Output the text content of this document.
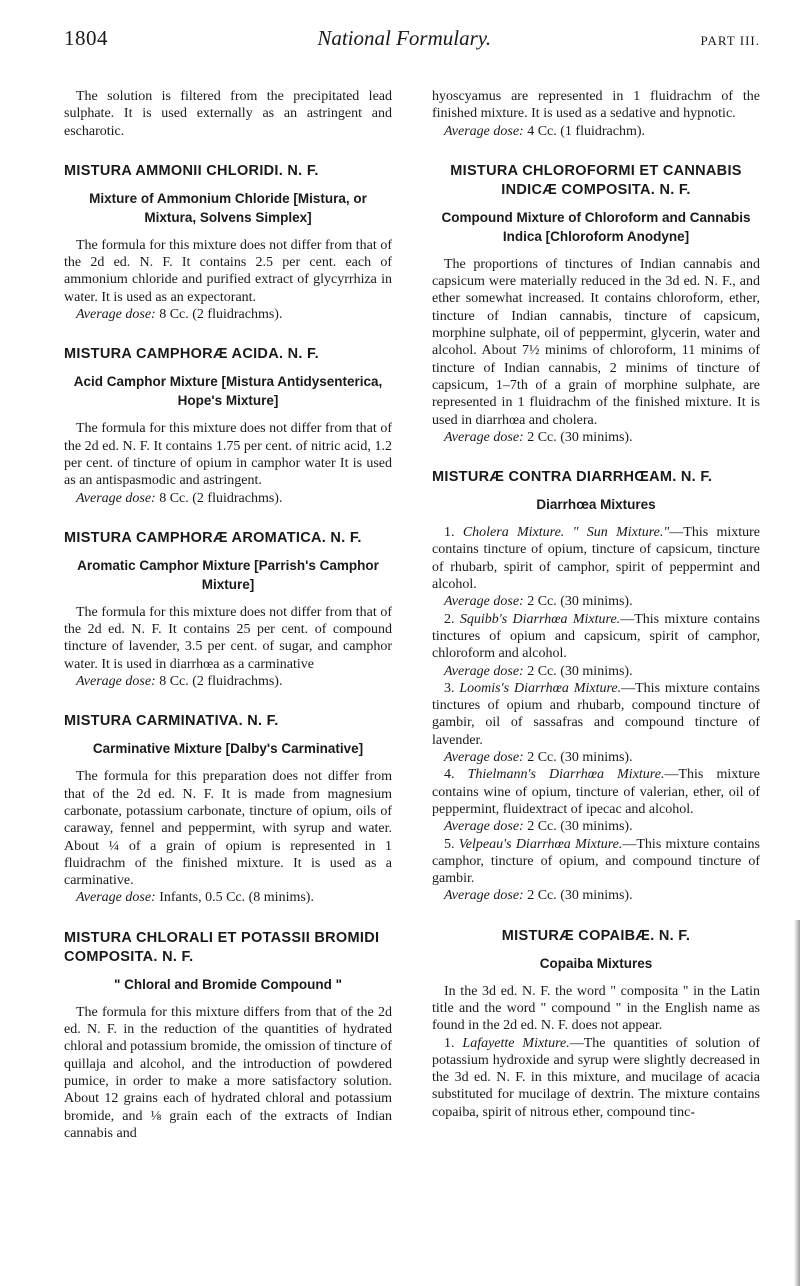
1804	National Formulary.	PART III.

The solution is filtered from the precipitated lead sulphate. It is used externally as an astringent and escharotic.

MISTURA AMMONII CHLORIDI. N. F.
Mixture of Ammonium Chloride [Mistura, or Mixtura, Solvens Simplex]

The formula for this mixture does not differ from that of the 2d ed. N. F. It contains 2.5 per cent. each of ammonium chloride and purified extract of glycyrrhiza in water. It is used as an expectorant.

Average dose: 8 Cc. (2 fluidrachms).
MISTURA CAMPHORÆ ACIDA. N. F.
Acid Camphor Mixture [Mistura Antidysenterica, Hope's Mixture]

The formula for this mixture does not differ from that of the 2d ed. N. F. It contains 1.75 per cent. of nitric acid, 1.2 per cent. of tincture of opium in camphor water It is used as an antispasmodic and astringent.

Average dose: 8 Cc. (2 fluidrachms).
MISTURA CAMPHORÆ AROMATICA. N. F.
Aromatic Camphor Mixture [Parrish's Camphor Mixture]

The formula for this mixture does not differ from that of the 2d ed. N. F. It contains 25 per cent. of compound tincture of lavender, 3.5 per cent. of sugar, and camphor water. It is used in diarrhœa as a carminative

Average dose: 8 Cc. (2 fluidrachms).
MISTURA CARMINATIVA. N. F.
Carminative Mixture [Dalby's Carminative]

The formula for this preparation does not differ from that of the 2d ed. N. F. It is made from magnesium carbonate, potassium carbonate, tincture of opium, oils of caraway, fennel and peppermint, with syrup and water. About ¼ of a grain of opium is represented in 1 fluidrachm of the finished mixture. It is used as a carminative.

Average dose: Infants, 0.5 Cc. (8 minims).
MISTURA CHLORALI ET POTASSII BROMIDI COMPOSITA. N. F.
" Chloral and Bromide Compound "

The formula for this mixture differs from that of the 2d ed. N. F. in the reduction of the quantities of hydrated chloral and potassium bromide, the omission of tincture of quillaja and alcohol, and the introduction of powdered pumice, in order to make a more satisfactory solution. About 12 grains each of hydrated chloral and potassium bromide, and ⅛ grain each of the extracts of Indian cannabis and

hyoscyamus are represented in 1 fluidrachm of the finished mixture. It is used as a sedative and hypnotic.

Average dose: 4 Cc. (1 fluidrachm).
MISTURA CHLOROFORMI ET CANNABIS INDICÆ COMPOSITA. N. F.
Compound Mixture of Chloroform and Cannabis Indica [Chloroform Anodyne]

The proportions of tinctures of Indian cannabis and capsicum were materially reduced in the 3d ed. N. F., and ether somewhat increased. It contains chloroform, ether, tincture of Indian cannabis, tincture of capsicum, morphine sulphate, oil of peppermint, glycerin, water and alcohol. About 7½ minims of chloroform, 11 minims of tincture of Indian cannabis, 2 minims of tincture of capsicum, 1–7th of a grain of morphine sulphate, are represented in 1 fluidrachm of the finished mixture. It is used in diarrhœa and cholera.

Average dose: 2 Cc. (30 minims).
MISTURÆ CONTRA DIARRHŒAM. N. F.
Diarrhœa Mixtures
1. Cholera Mixture. " Sun Mixture."—This mixture contains tincture of opium, tincture of capsicum, tincture of rhubarb, spirit of camphor, spirit of peppermint and alcohol.
Average dose: 2 Cc. (30 minims).
2. Squibb's Diarrhœa Mixture.—This mixture contains tinctures of opium and capsicum, spirit of camphor, chloroform and alcohol.
Average dose: 2 Cc. (30 minims).
3. Loomis's Diarrhœa Mixture.—This mixture contains tinctures of opium and rhubarb, compound tincture of gambir, oil of sassafras and compound tincture of lavender.
Average dose: 2 Cc. (30 minims).
4. Thielmann's Diarrhœa Mixture.—This mixture contains wine of opium, tincture of valerian, ether, oil of peppermint, fluidextract of ipecac and alcohol.
Average dose: 2 Cc. (30 minims).
5. Velpeau's Diarrhœa Mixture.—This mixture contains camphor, tincture of opium, and compound tincture of gambir.
Average dose: 2 Cc. (30 minims).
MISTURÆ COPAIBÆ. N. F.
Copaiba Mixtures

In the 3d ed. N. F. the word " composita " in the Latin title and the word " compound " in the English name as found in the 2d ed. N. F. does not appear.

1. Lafayette Mixture.—The quantities of solution of potassium hydroxide and syrup were slightly decreased in the 3d ed. N. F. in this mixture, and mucilage of acacia substituted for mucilage of dextrin. The mixture contains copaiba, spirit of nitrous ether, compound tinc-
